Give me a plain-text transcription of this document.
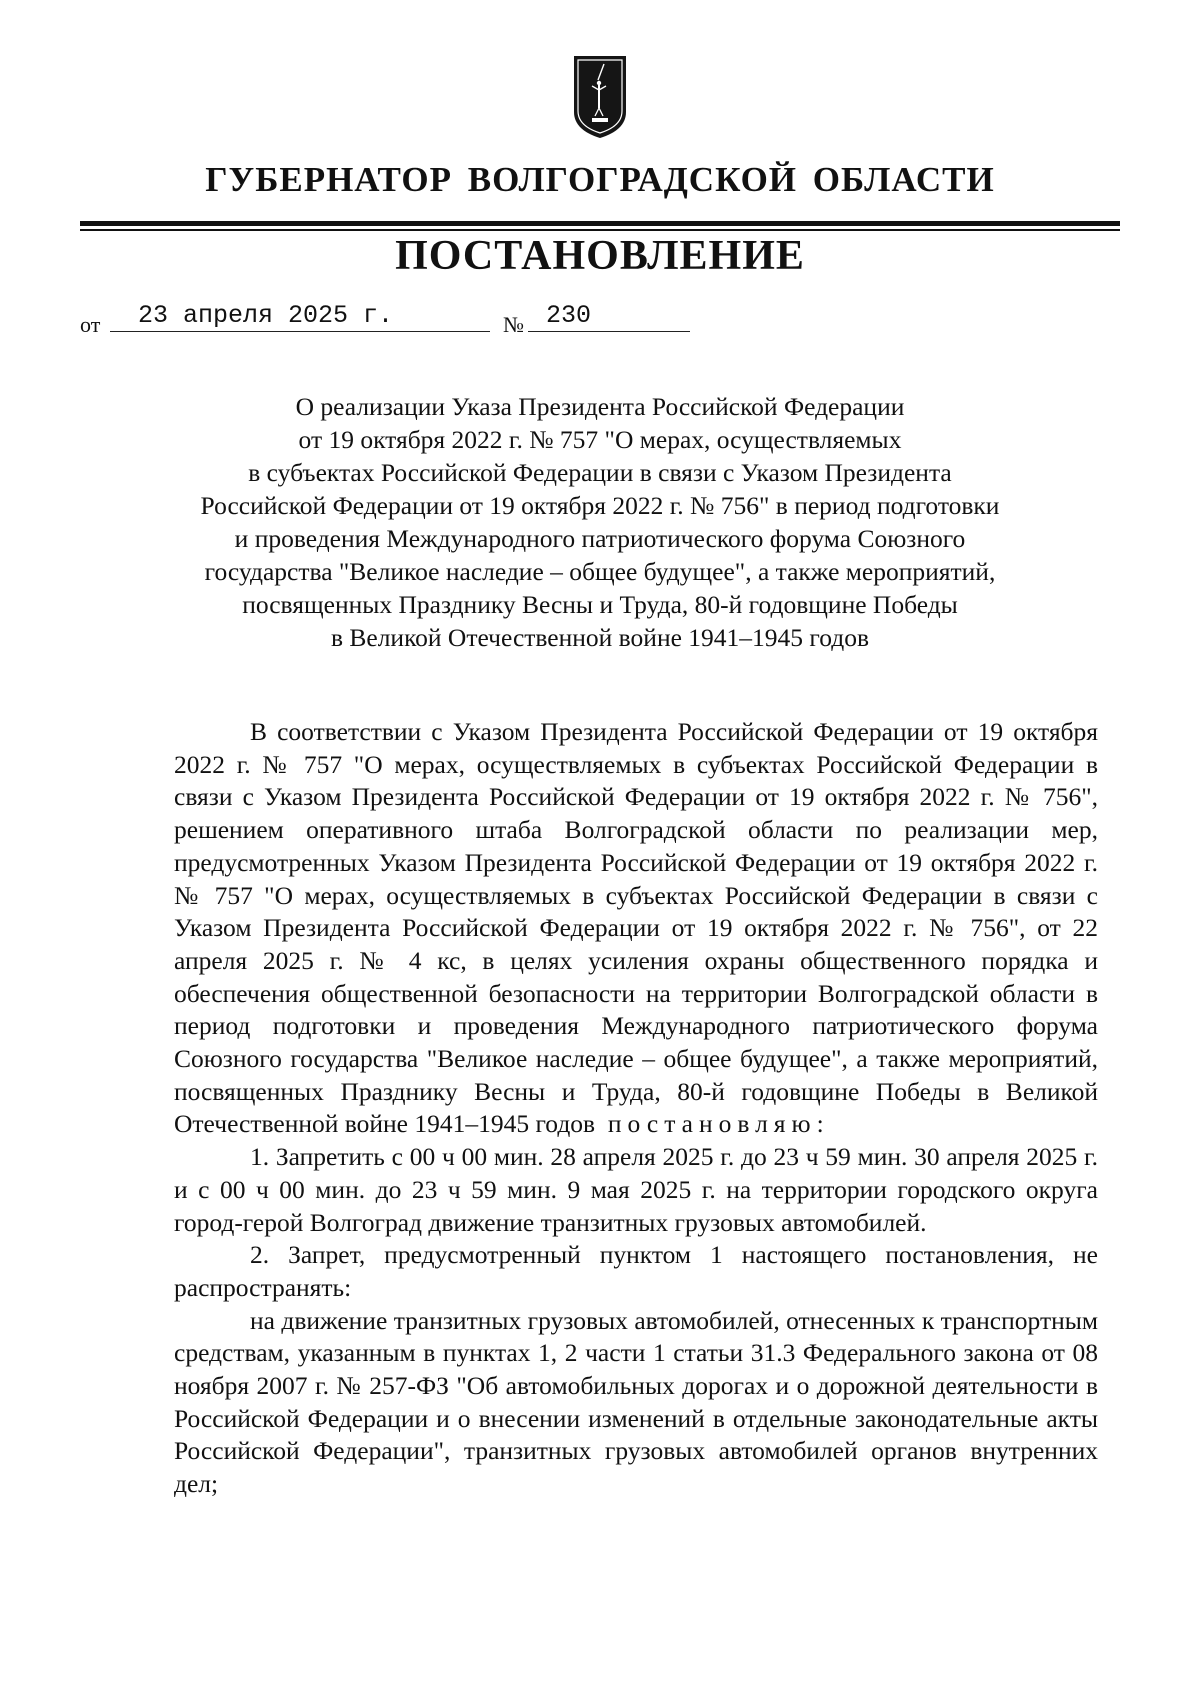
ГУБЕРНАТОР ВОЛГОГРАДСКОЙ ОБЛАСТИ
ПОСТАНОВЛЕНИЕ
от	23 апреля 2025 г.	№ 230
О реализации Указа Президента Российской Федерации
от 19 октября 2022 г. № 757 "О мерах, осуществляемых
в субъектах Российской Федерации в связи с Указом Президента
Российской Федерации от 19 октября 2022 г. № 756" в период подготовки
и проведения Международного патриотического форума Союзного
государства "Великое наследие – общее будущее", а также мероприятий,
посвященных Празднику Весны и Труда, 80-й годовщине Победы
в Великой Отечественной войне 1941–1945 годов

В соответствии с Указом Президента Российской Федерации от 19 октября 2022 г. № 757 "О мерах, осуществляемых в субъектах Российской Федерации в связи с Указом Президента Российской Федерации от 19 октября 2022 г. № 756", решением оперативного штаба Волгоградской области по реализации мер, предусмотренных Указом Президента Российской Федерации от 19 октября 2022 г. № 757 "О мерах, осуществляемых в субъектах Российской Федерации в связи с Указом Президента Российской Федерации от 19 октября 2022 г. № 756", от 22 апреля 2025 г. № 4 кс, в целях усиления охраны общественного порядка и обеспечения общественной безопасности на территории Волгоградской области в период подготовки и проведения Международного патриотического форума Союзного государства "Великое наследие – общее будущее", а также мероприятий, посвященных Празднику Весны и Труда, 80-й годовщине Победы в Великой Отечественной войне 1941–1945 годов постановляю:

1. Запретить с 00 ч 00 мин. 28 апреля 2025 г. до 23 ч 59 мин. 30 апреля 2025 г. и с 00 ч 00 мин. до 23 ч 59 мин. 9 мая 2025 г. на территории городского округа город-герой Волгоград движение транзитных грузовых автомобилей.

2. Запрет, предусмотренный пунктом 1 настоящего постановления, не распространять:

на движение транзитных грузовых автомобилей, отнесенных к транспортным средствам, указанным в пунктах 1, 2 части 1 статьи 31.3 Федерального закона от 08 ноября 2007 г. № 257-ФЗ "Об автомобильных дорогах и о дорожной деятельности в Российской Федерации и о внесении изменений в отдельные законодательные акты Российской Федерации", транзитных грузовых автомобилей органов внутренних дел;
